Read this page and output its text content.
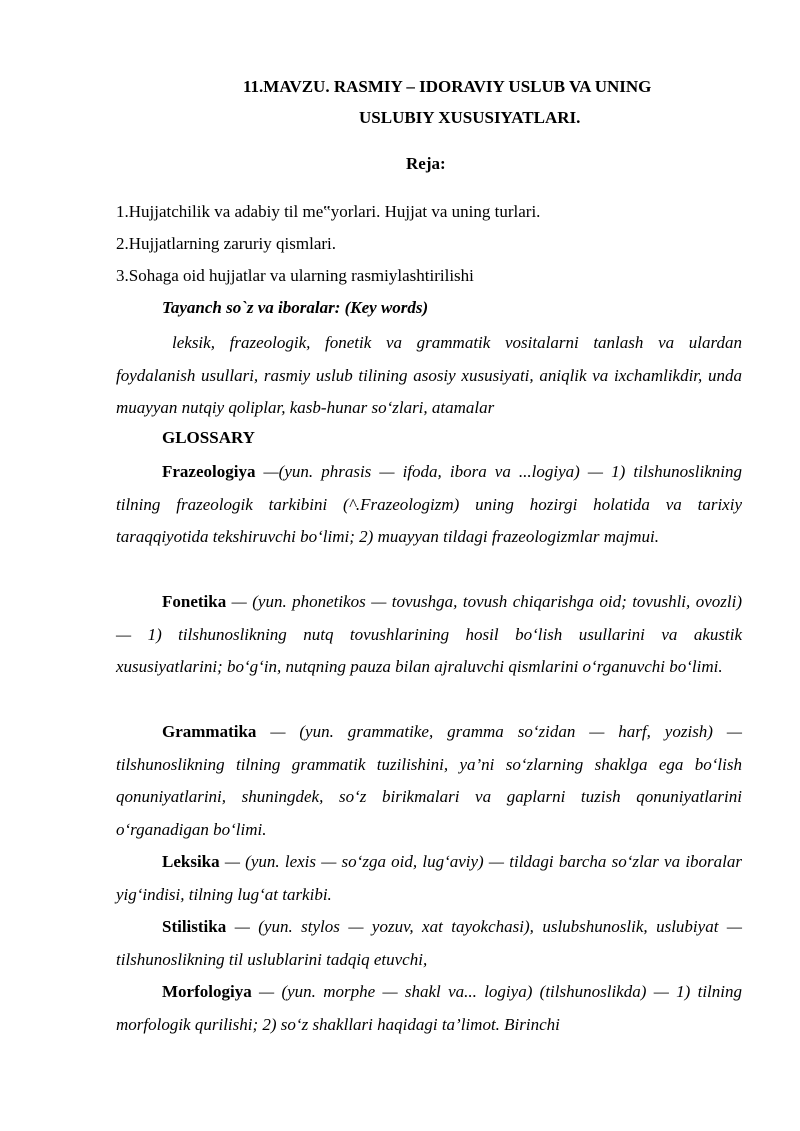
11.MAVZU. RASMIY – IDORAVIY USLUB VA UNING
USLUBIY XUSUSIYATLARI.
Reja:
1.Hujjatchilik va adabiy til me‟yorlari. Hujjat va uning turlari.
2.Hujjatlarning zaruriy qismlari.
3.Sohaga oid hujjatlar va ularning rasmiylashtirilishi
Tayanch so`z va iboralar: (Key words)
leksik, frazeologik, fonetik va grammatik vositalarni tanlash va ulardan foydalanish usullari, rasmiy uslub tilining asosiy xususiyati, aniqlik va ixchamlikdir, unda muayyan nutqiy qoliplar, kasb-hunar so‘zlari, atamalar
GLOSSARY
Frazeologiya —(yun. phrasis — ifoda, ibora va ...logiya) — 1) tilshunoslikning tilning frazeologik tarkibini (^.Frazeologizm) uning hozirgi holatida va tarixiy taraqqiyotida tekshiruvchi bo‘limi; 2) muayyan tildagi frazeologizmlar majmui.
Fonetika — (yun. phonetikos — tovushga, tovush chiqarishga oid; tovushli, ovozli) — 1) tilshunoslikning nutq tovushlarining hosil bo‘lish usullarini va akustik xususiyatlarini; bo‘g‘in, nutqning pauza bilan ajraluvchi qismlarini o‘rganuvchi bo‘limi.
Grammatika — (yun. grammatike, gramma so‘zidan — harf, yozish) — tilshunoslikning tilning grammatik tuzilishini, ya’ni so‘zlarning shaklga ega bo‘lish qonuniyatlarini, shuningdek, so‘z birikmalari va gaplarni tuzish qonuniyatlarini o‘rganadigan bo‘limi.
Leksika — (yun. lexis — so‘zga oid, lug‘aviy) — tildagi barcha so‘zlar va iboralar yig‘indisi, tilning lug‘at tarkibi.
Stilistika — (yun. stylos — yozuv, xat tayokchasi), uslubshunoslik, uslubiyat — tilshunoslikning til uslublarini tadqiq etuvchi,
Morfologiya — (yun. morphe — shakl va... logiya) (tilshunoslikda) — 1) tilning morfologik qurilishi; 2) so‘z shakllari haqidagi ta’limot. Birinchi
